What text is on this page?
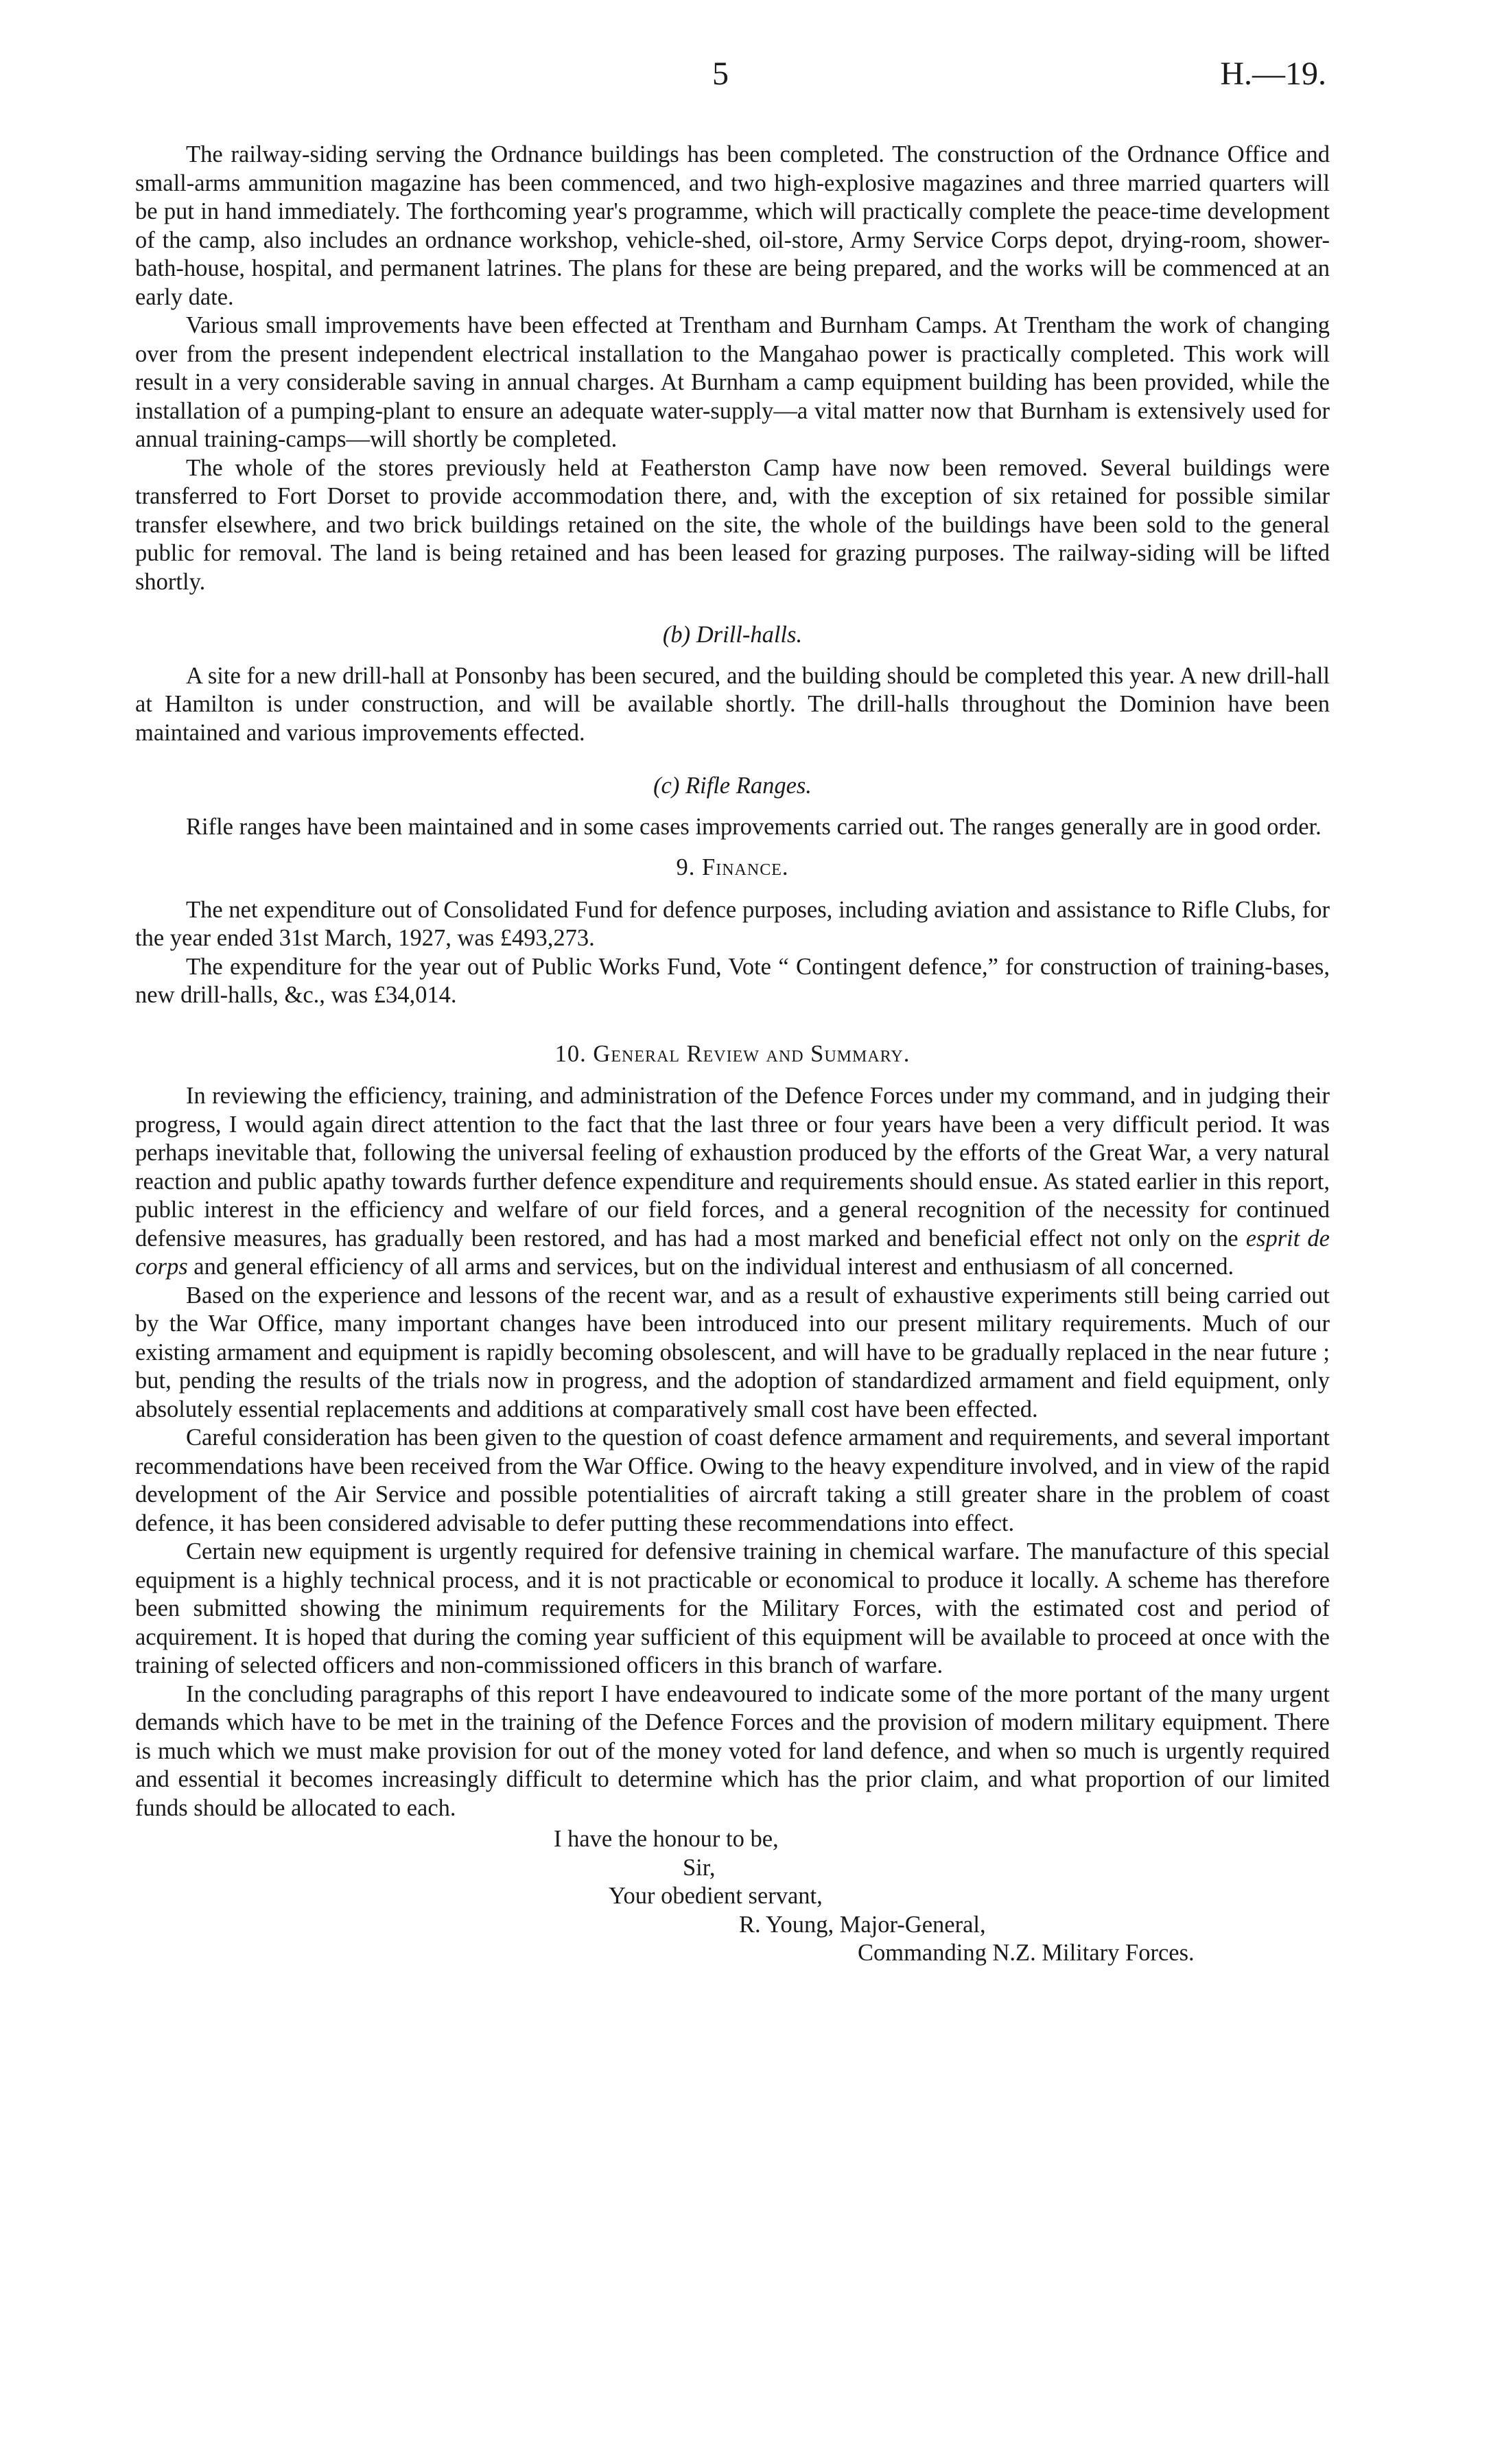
5	H.—19.

The railway-siding serving the Ordnance buildings has been completed. The construction of the Ordnance Office and small-arms ammunition magazine has been commenced, and two high-explosive magazines and three married quarters will be put in hand immediately. The forthcoming year's programme, which will practically complete the peace-time development of the camp, also includes an ordnance workshop, vehicle-shed, oil-store, Army Service Corps depot, drying-room, shower-bath-house, hospital, and permanent latrines. The plans for these are being prepared, and the works will be commenced at an early date.

Various small improvements have been effected at Trentham and Burnham Camps. At Trentham the work of changing over from the present independent electrical installation to the Mangahao power is practically completed. This work will result in a very considerable saving in annual charges. At Burnham a camp equipment building has been provided, while the installation of a pumping-plant to ensure an adequate water-supply—a vital matter now that Burnham is extensively used for annual training-camps—will shortly be completed.

The whole of the stores previously held at Featherston Camp have now been removed. Several buildings were transferred to Fort Dorset to provide accommodation there, and, with the exception of six retained for possible similar transfer elsewhere, and two brick buildings retained on the site, the whole of the buildings have been sold to the general public for removal. The land is being retained and has been leased for grazing purposes. The railway-siding will be lifted shortly.

(b) Drill-halls.

A site for a new drill-hall at Ponsonby has been secured, and the building should be completed this year. A new drill-hall at Hamilton is under construction, and will be available shortly. The drill-halls throughout the Dominion have been maintained and various improvements effected.

(c) Rifle Ranges.

Rifle ranges have been maintained and in some cases improvements carried out. The ranges generally are in good order.

9. Finance.

The net expenditure out of Consolidated Fund for defence purposes, including aviation and assistance to Rifle Clubs, for the year ended 31st March, 1927, was £493,273.

The expenditure for the year out of Public Works Fund, Vote “ Contingent defence,” for construction of training-bases, new drill-halls, &c., was £34,014.

10. General Review and Summary.

In reviewing the efficiency, training, and administration of the Defence Forces under my command, and in judging their progress, I would again direct attention to the fact that the last three or four years have been a very difficult period. It was perhaps inevitable that, following the universal feeling of exhaustion produced by the efforts of the Great War, a very natural reaction and public apathy towards further defence expenditure and requirements should ensue. As stated earlier in this report, public interest in the efficiency and welfare of our field forces, and a general recognition of the necessity for continued defensive measures, has gradually been restored, and has had a most marked and beneficial effect not only on the esprit de corps and general efficiency of all arms and services, but on the individual interest and enthusiasm of all concerned.

Based on the experience and lessons of the recent war, and as a result of exhaustive experiments still being carried out by the War Office, many important changes have been introduced into our present military requirements. Much of our existing armament and equipment is rapidly becoming obsolescent, and will have to be gradually replaced in the near future ; but, pending the results of the trials now in progress, and the adoption of standardized armament and field equipment, only absolutely essential replacements and additions at comparatively small cost have been effected.

Careful consideration has been given to the question of coast defence armament and requirements, and several important recommendations have been received from the War Office. Owing to the heavy expenditure involved, and in view of the rapid development of the Air Service and possible potentialities of aircraft taking a still greater share in the problem of coast defence, it has been considered advisable to defer putting these recommendations into effect.

Certain new equipment is urgently required for defensive training in chemical warfare. The manufacture of this special equipment is a highly technical process, and it is not practicable or economical to produce it locally. A scheme has therefore been submitted showing the minimum requirements for the Military Forces, with the estimated cost and period of acquirement. It is hoped that during the coming year sufficient of this equipment will be available to proceed at once with the training of selected officers and non-commissioned officers in this branch of warfare.

In the concluding paragraphs of this report I have endeavoured to indicate some of the more portant of the many urgent demands which have to be met in the training of the Defence Forces and the provision of modern military equipment. There is much which we must make provision for out of the money voted for land defence, and when so much is urgently required and essential it becomes increasingly difficult to determine which has the prior claim, and what proportion of our limited funds should be allocated to each.

I have the honour to be,
Sir,
Your obedient servant,
R. Young, Major-General,
Commanding N.Z. Military Forces.
